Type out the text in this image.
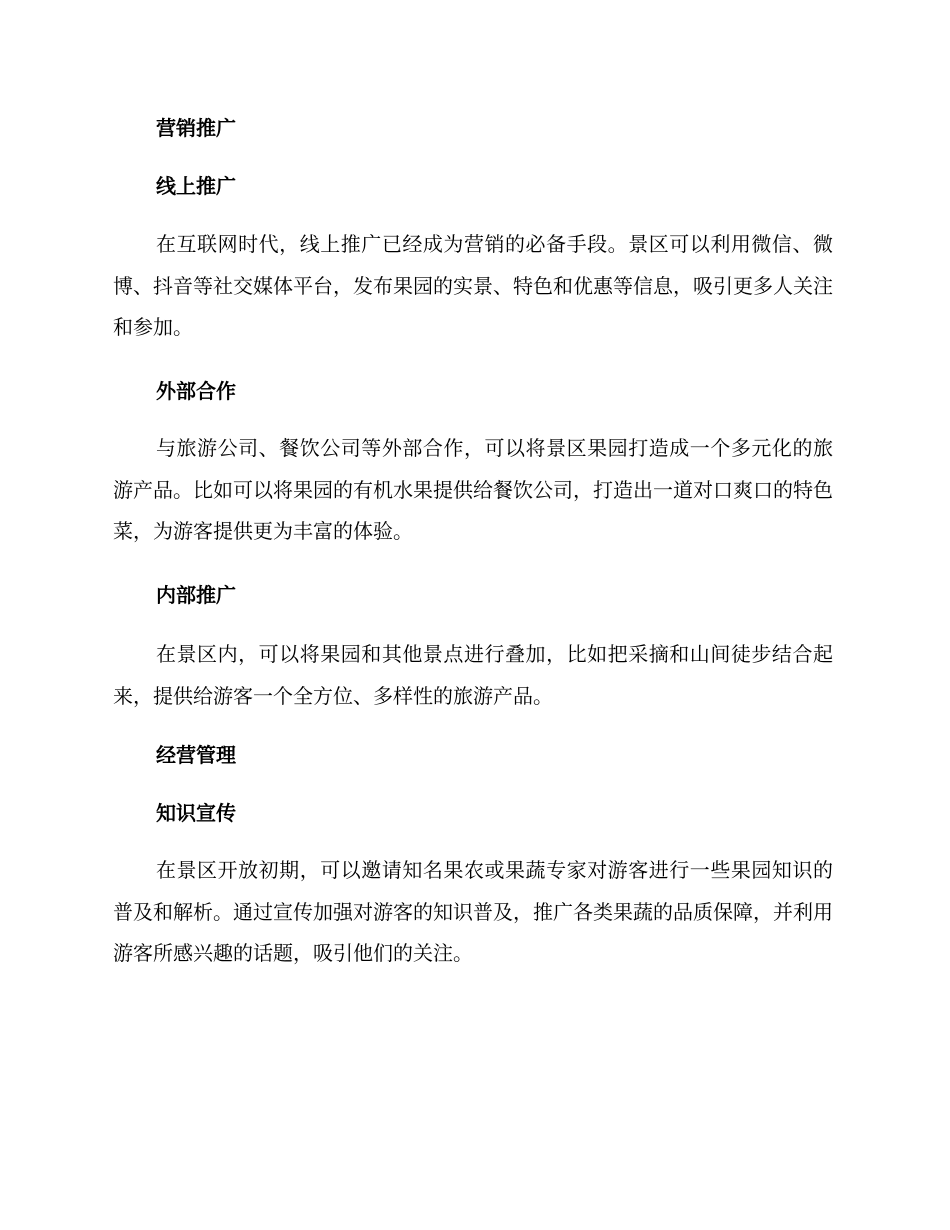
营销推广
线上推广

在互联网时代，线上推广已经成为营销的必备手段。景区可以利用微信、微博、抖音等社交媒体平台，发布果园的实景、特色和优惠等信息，吸引更多人关注和参加。

外部合作

与旅游公司、餐饮公司等外部合作，可以将景区果园打造成一个多元化的旅游产品。比如可以将果园的有机水果提供给餐饮公司，打造出一道对口爽口的特色菜，为游客提供更为丰富的体验。

内部推广

在景区内，可以将果园和其他景点进行叠加，比如把采摘和山间徒步结合起来，提供给游客一个全方位、多样性的旅游产品。

经营管理
知识宣传

在景区开放初期，可以邀请知名果农或果蔬专家对游客进行一些果园知识的普及和解析。通过宣传加强对游客的知识普及，推广各类果蔬的品质保障，并利用游客所感兴趣的话题，吸引他们的关注。
